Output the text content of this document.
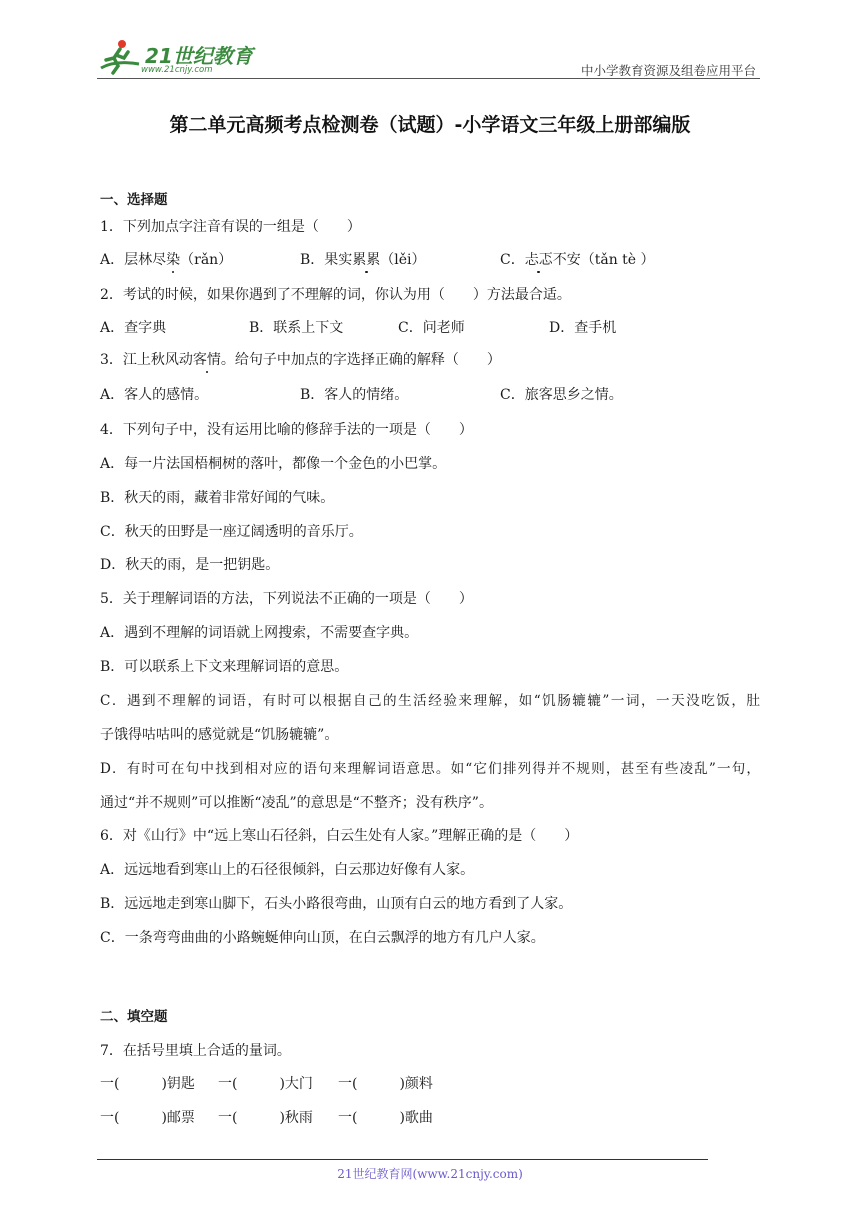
21世纪教育
www.21cnjy.com	中小学教育资源及组卷应用平台
第二单元高频考点检测卷（试题）-小学语文三年级上册部编版
一、选择题
1．下列加点字注音有误的一组是（　　）
A．层林尽染（rǎn）	B．果实累累（lěi）	C．忐忑不安（tǎn tè ）
2．考试的时候，如果你遇到了不理解的词，你认为用（　　）方法最合适。
A．查字典	B．联系上下文	C．问老师	D．查手机
3．江上秋风动客情。给句子中加点的字选择正确的解释（　　）
A．客人的感情。	B．客人的情绪。	C．旅客思乡之情。
4．下列句子中，没有运用比喻的修辞手法的一项是（　　）
A．每一片法国梧桐树的落叶，都像一个金色的小巴掌。
B．秋天的雨，藏着非常好闻的气味。
C．秋天的田野是一座辽阔透明的音乐厅。
D．秋天的雨，是一把钥匙。
5．关于理解词语的方法，下列说法不正确的一项是（　　）
A．遇到不理解的词语就上网搜索，不需要查字典。
B．可以联系上下文来理解词语的意思。
C．遇到不理解的词语，有时可以根据自己的生活经验来理解，如“饥肠辘辘”一词，一天没吃饭，肚
子饿得咕咕叫的感觉就是“饥肠辘辘”。
D．有时可在句中找到相对应的语句来理解词语意思。如“它们排列得并不规则，甚至有些凌乱”一句，
通过“并不规则”可以推断“凌乱”的意思是“不整齐；没有秩序”。
6．对《山行》中“远上寒山石径斜，白云生处有人家。”理解正确的是（　　）
A．远远地看到寒山上的石径很倾斜，白云那边好像有人家。
B．远远地走到寒山脚下，石头小路很弯曲，山顶有白云的地方看到了人家。
C．一条弯弯曲曲的小路蜿蜒伸向山顶，在白云飘浮的地方有几户人家。
二、填空题
7．在括号里填上合适的量词。
一(　　　)钥匙 一(　　　)大门 一(　　　)颜料
一(　　　)邮票 一(　　　)秋雨 一(　　　)歌曲
21世纪教育网(www.21cnjy.com)
